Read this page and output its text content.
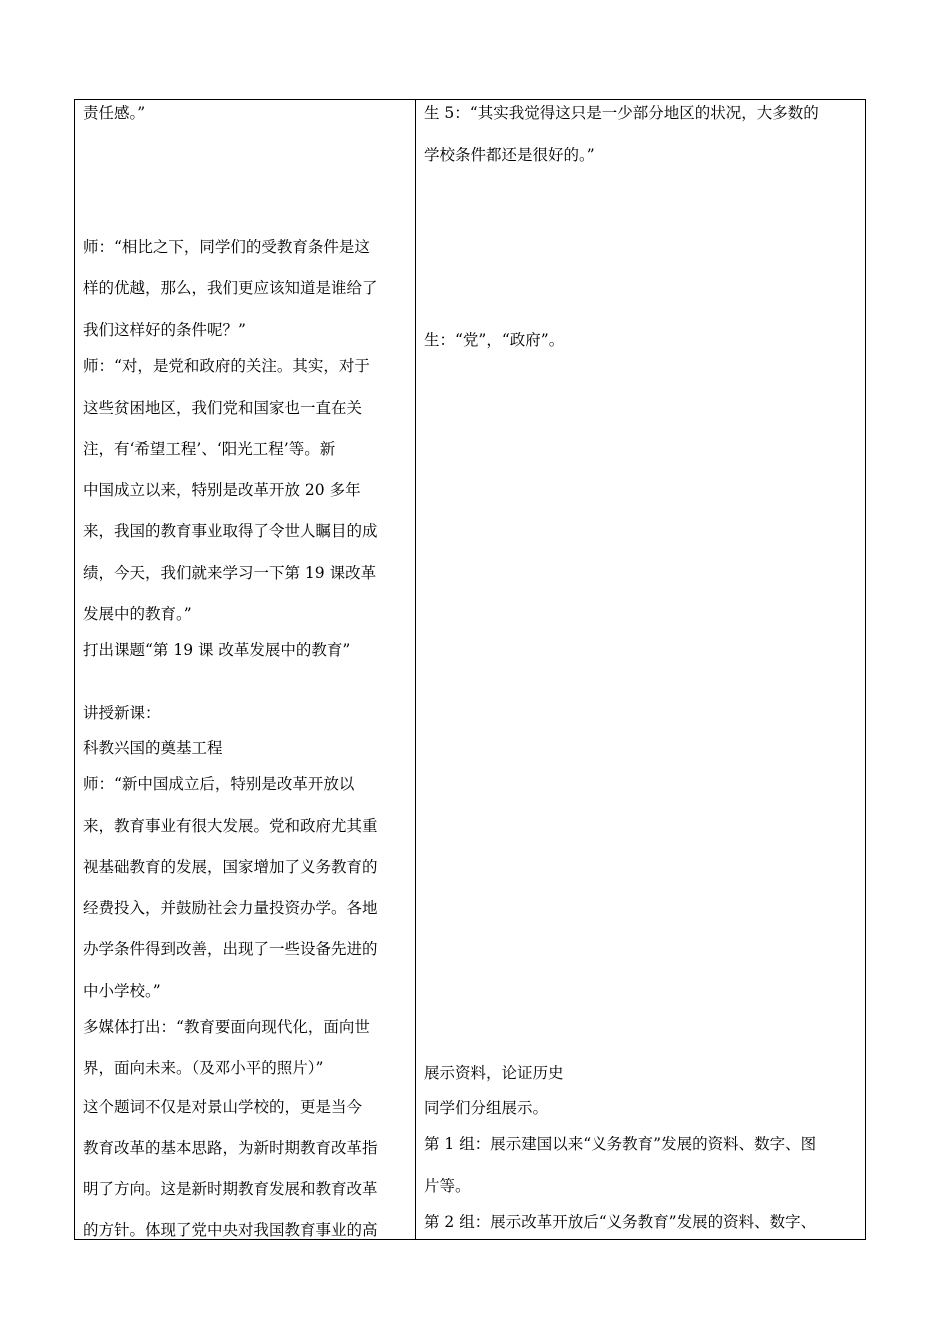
责任感。”

师：“相比之下，同学们的受教育条件是这

样的优越，那么，我们更应该知道是谁给了

我们这样好的条件呢？”

师：“对，是党和政府的关注。其实，对于

这些贫困地区，我们党和国家也一直在关

注，有‘希望工程’、‘阳光工程’等。新

中国成立以来，特别是改革开放 20 多年

来，我国的教育事业取得了令世人瞩目的成

绩，今天，我们就来学习一下第 19 课改革

发展中的教育。”

打出课题“第 19 课 改革发展中的教育”

讲授新课：

科教兴国的奠基工程

师：“新中国成立后，特别是改革开放以

来，教育事业有很大发展。党和政府尤其重

视基础教育的发展，国家增加了义务教育的

经费投入，并鼓励社会力量投资办学。各地

办学条件得到改善，出现了一些设备先进的

中小学校。”

多媒体打出：“教育要面向现代化，面向世

界，面向未来。（及邓小平的照片）”

这个题词不仅是对景山学校的，更是当今

教育改革的基本思路，为新时期教育改革指

明了方向。这是新时期教育发展和教育改革

的方针。体现了党中央对我国教育事业的高

生 5：“其实我觉得这只是一少部分地区的状况，大多数的

学校条件都还是很好的。”

生：“党”，“政府”。

展示资料，论证历史

同学们分组展示。

第 1 组：展示建国以来“义务教育”发展的资料、数字、图

片等。

第 2 组：展示改革开放后“义务教育”发展的资料、数字、
